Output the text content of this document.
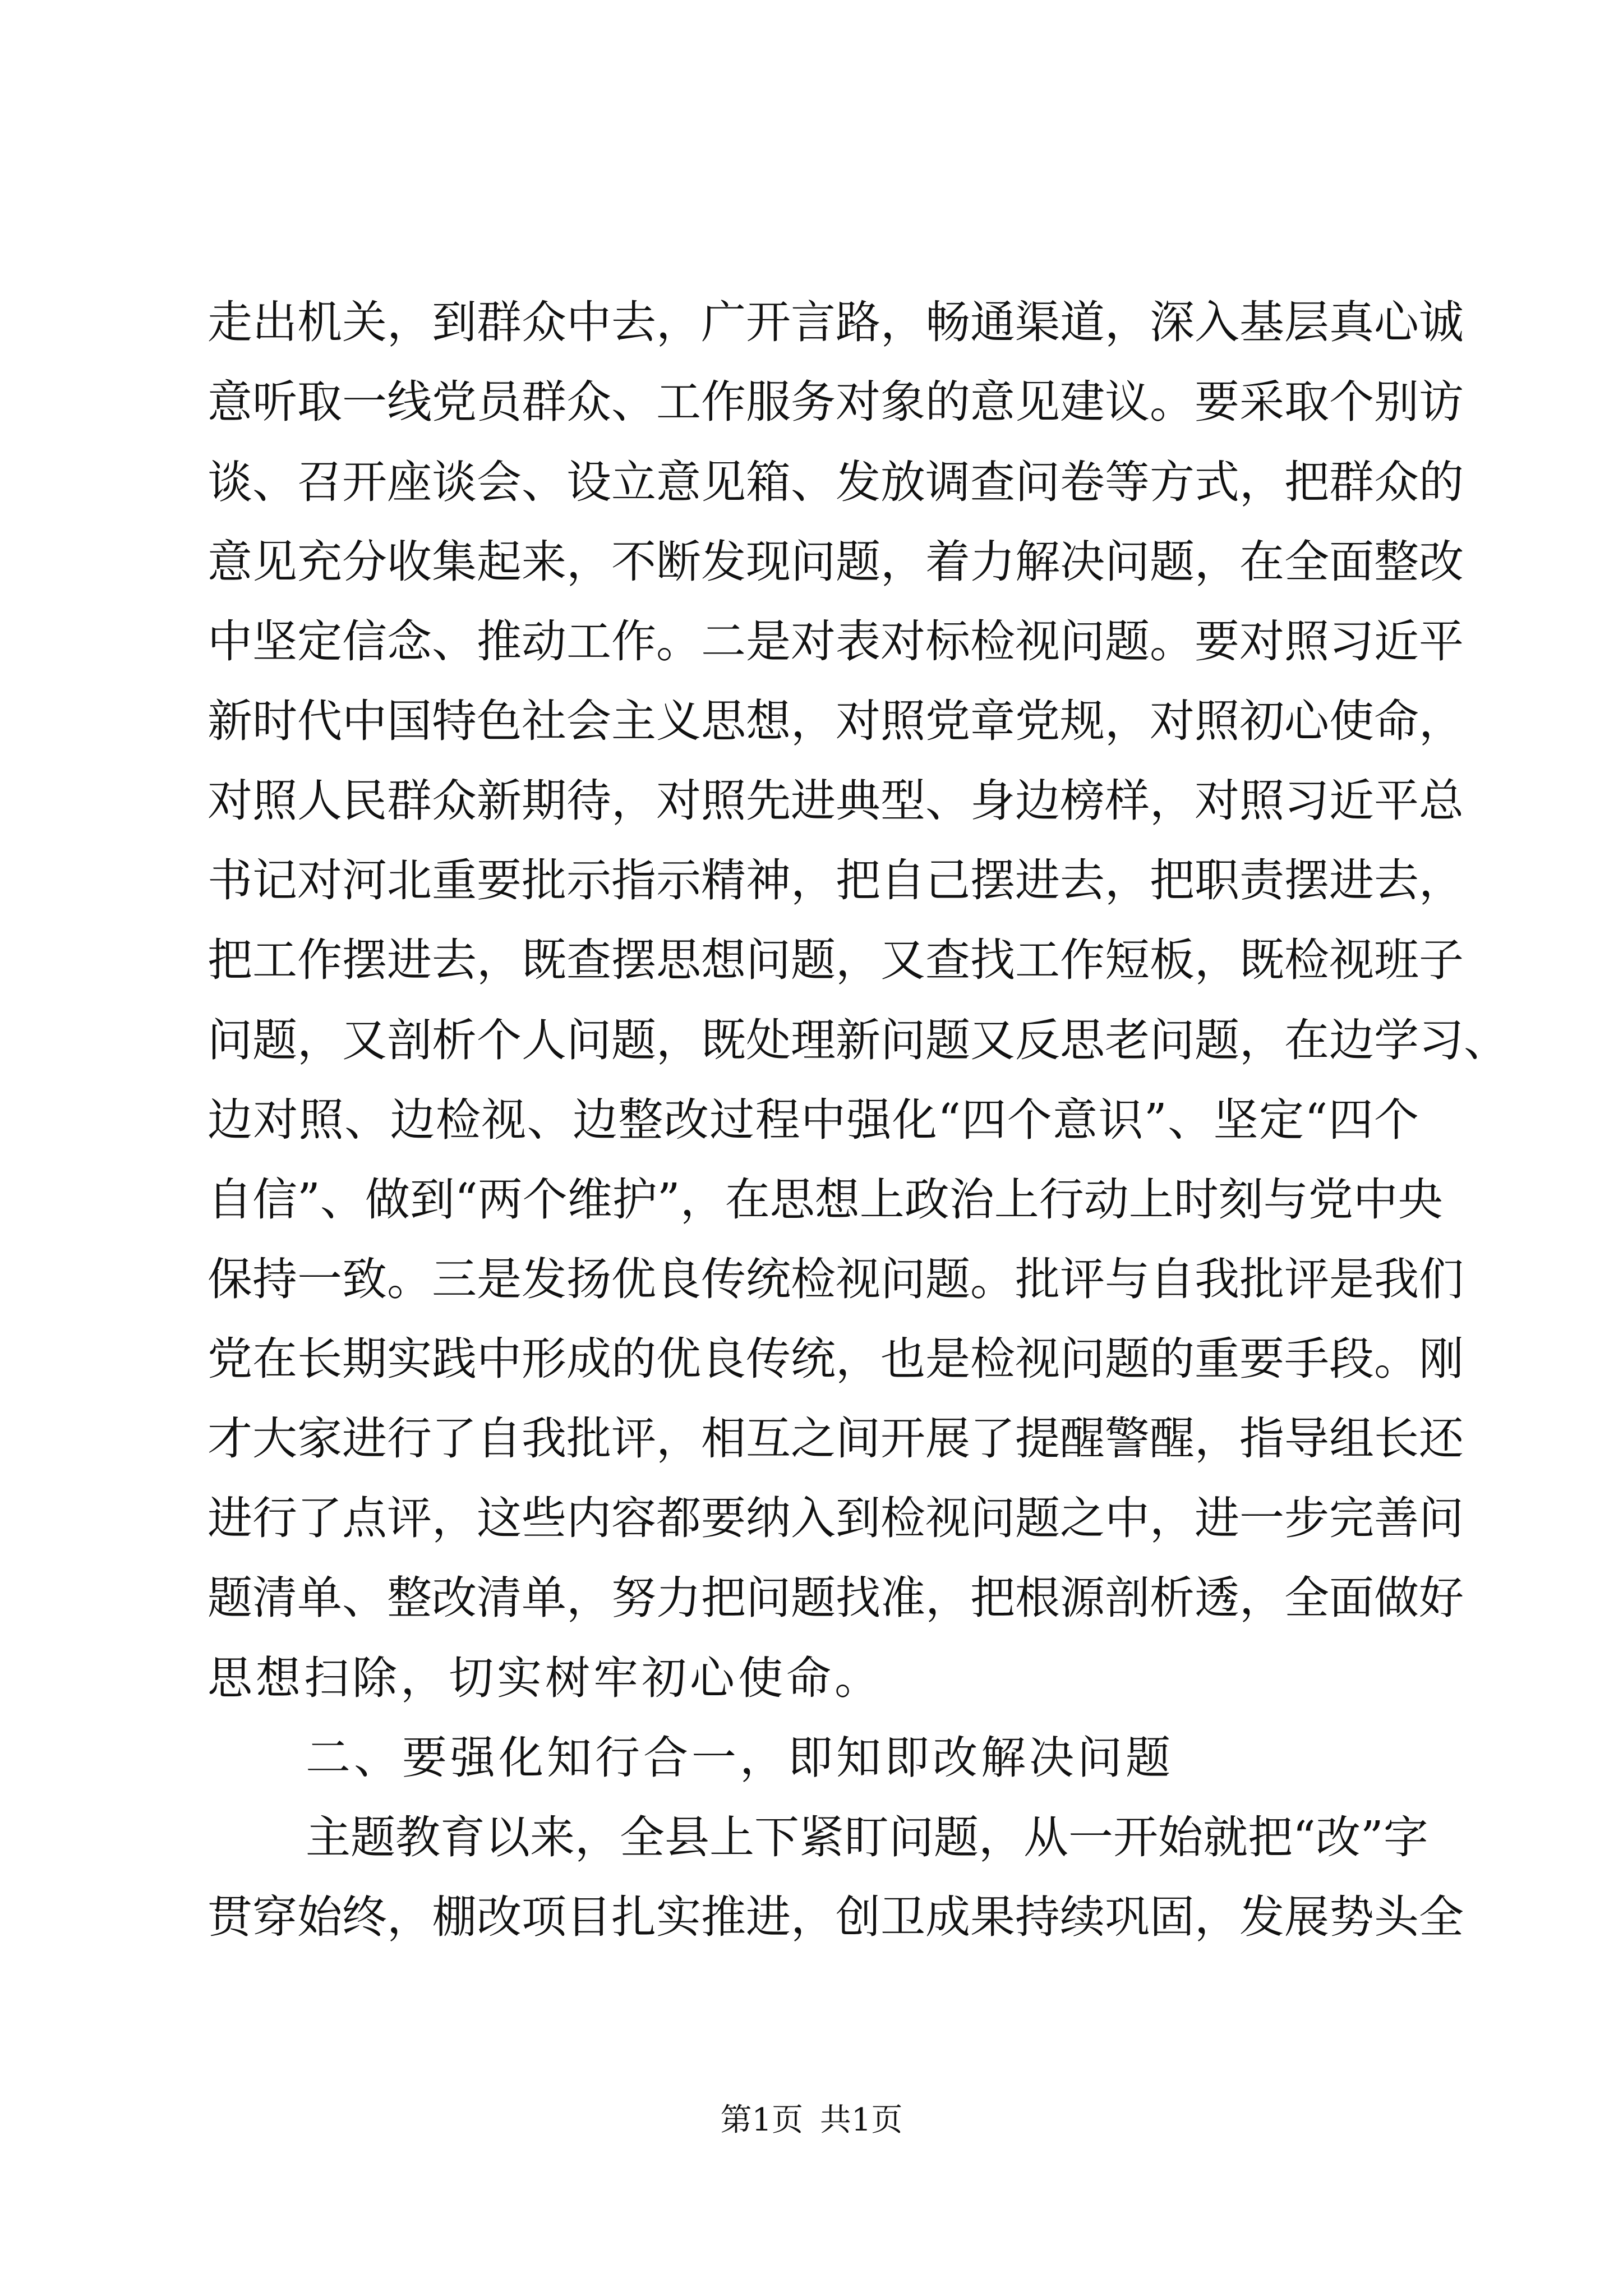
走出机关，到群众中去，广开言路，畅通渠道，深入基层真心诚
意听取一线党员群众、工作服务对象的意见建议。要采取个别访
谈、召开座谈会、设立意见箱、发放调查问卷等方式，把群众的
意见充分收集起来，不断发现问题，着力解决问题，在全面整改
中坚定信念、推动工作。二是对表对标检视问题。要对照习近平
新时代中国特色社会主义思想，对照党章党规，对照初心使命，
对照人民群众新期待，对照先进典型、身边榜样，对照习近平总
书记对河北重要批示指示精神，把自己摆进去，把职责摆进去，
把工作摆进去，既查摆思想问题，又查找工作短板，既检视班子
问题，又剖析个人问题，既处理新问题又反思老问题，在边学习、
边对照、边检视、边整改过程中强化“四个意识”、坚定“四个
自信”、做到“两个维护”，在思想上政治上行动上时刻与党中央
保持一致。三是发扬优良传统检视问题。批评与自我批评是我们
党在长期实践中形成的优良传统，也是检视问题的重要手段。刚
才大家进行了自我批评，相互之间开展了提醒警醒，指导组长还
进行了点评，这些内容都要纳入到检视问题之中，进一步完善问
题清单、整改清单，努力把问题找准，把根源剖析透，全面做好
思想扫除，切实树牢初心使命。
二、要强化知行合一，即知即改解决问题
主题教育以来，全县上下紧盯问题，从一开始就把“改”字
贯穿始终，棚改项目扎实推进，创卫成果持续巩固，发展势头全
第1页 共1页
